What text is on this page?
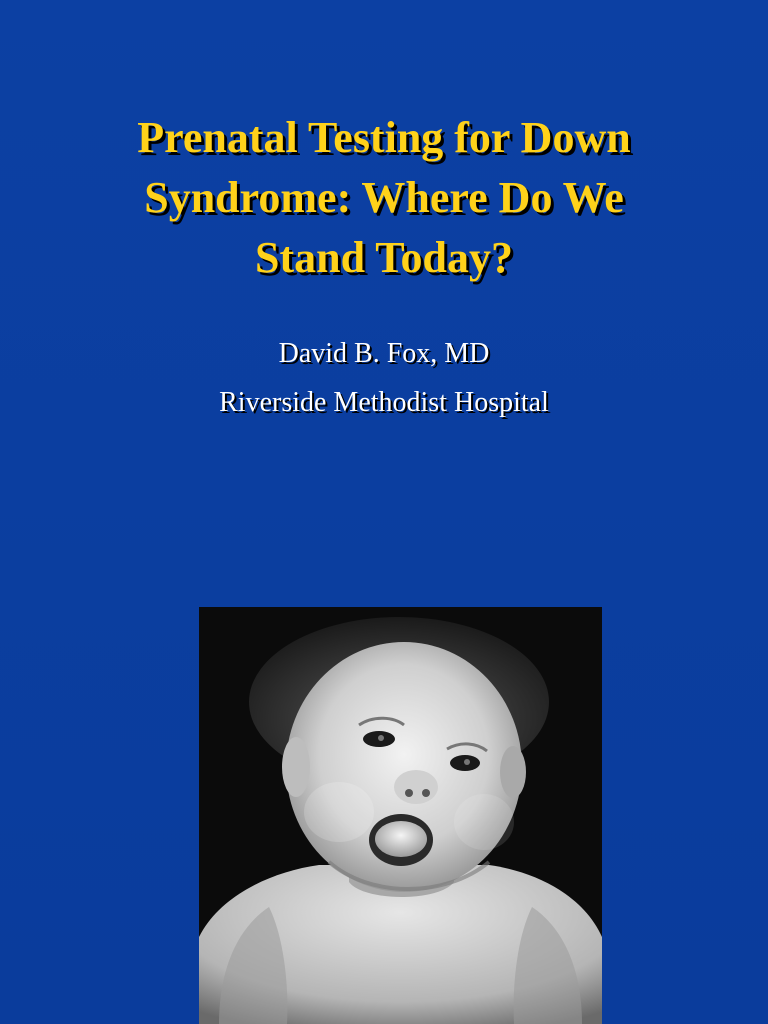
Prenatal Testing for Down
Syndrome: Where Do We
Stand Today?
David B. Fox, MD
Riverside Methodist Hospital
